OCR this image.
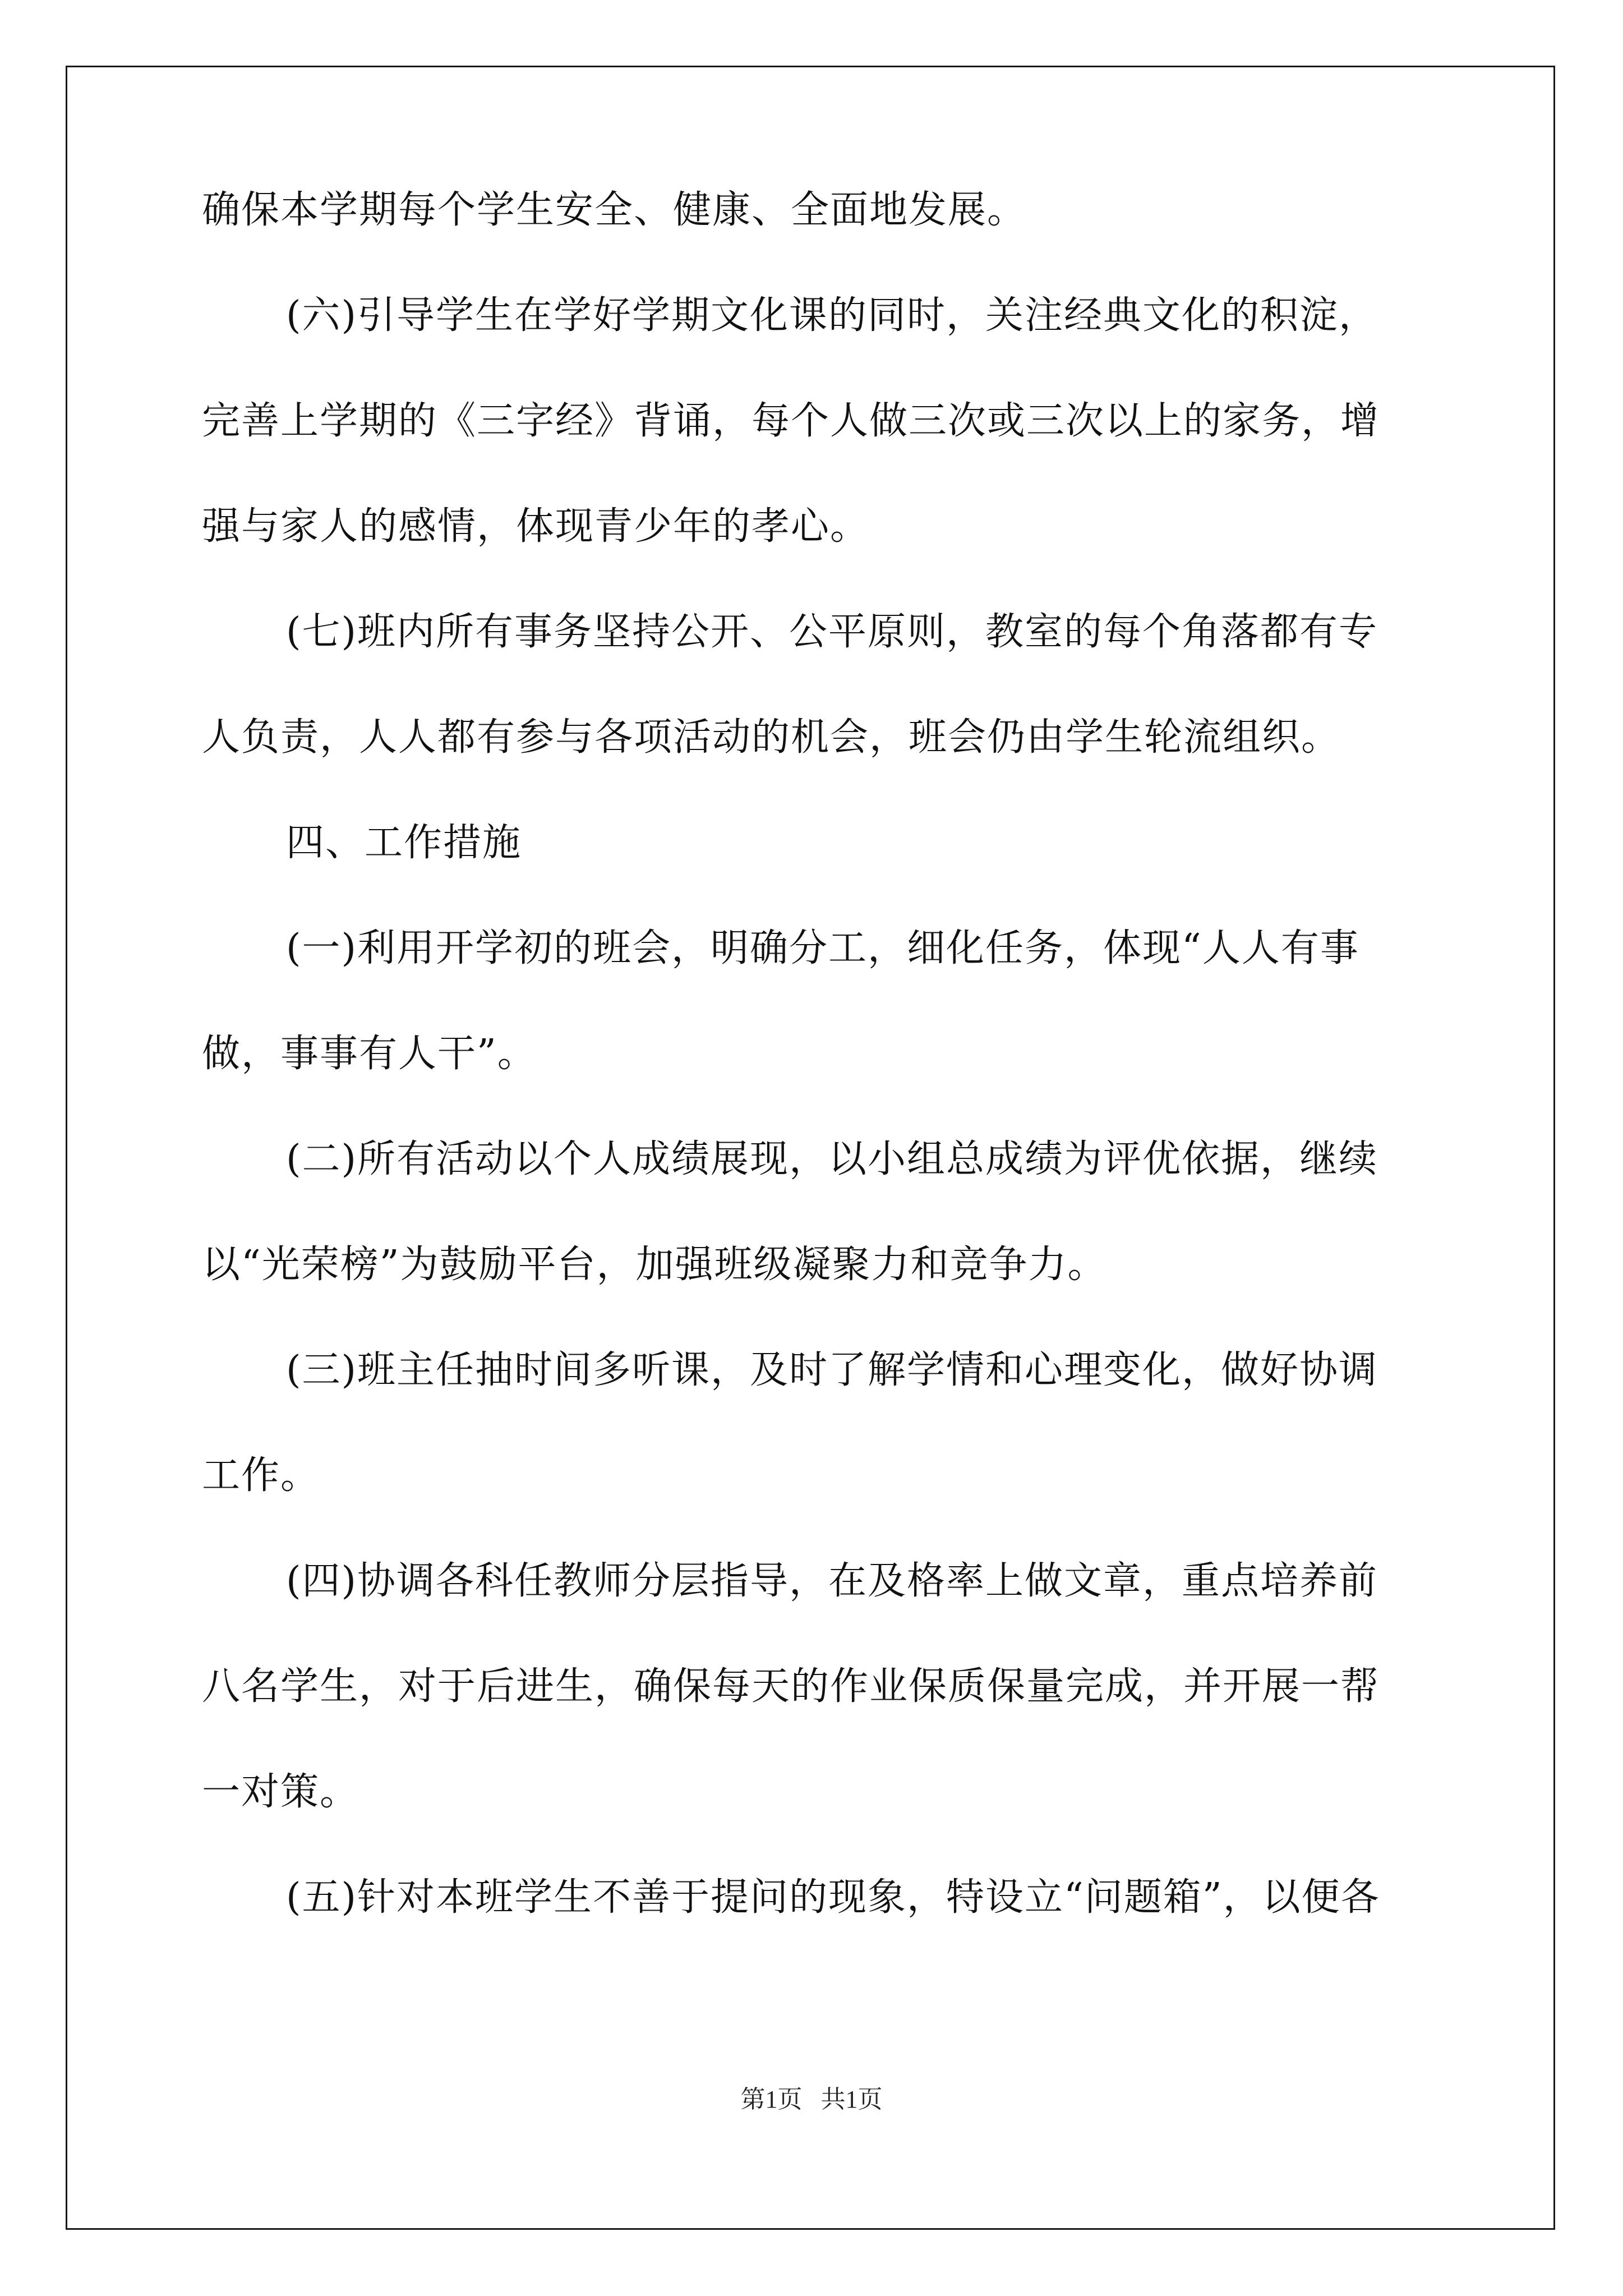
确保本学期每个学生安全、健康、全面地发展。
(六)引导学生在学好学期文化课的同时，关注经典文化的积淀，
完善上学期的《三字经》背诵，每个人做三次或三次以上的家务，增
强与家人的感情，体现青少年的孝心。
(七)班内所有事务坚持公开、公平原则，教室的每个角落都有专
人负责，人人都有参与各项活动的机会，班会仍由学生轮流组织。
四、工作措施
(一)利用开学初的班会，明确分工，细化任务，体现“人人有事
做，事事有人干”。
(二)所有活动以个人成绩展现，以小组总成绩为评优依据，继续
以“光荣榜”为鼓励平台，加强班级凝聚力和竞争力。
(三)班主任抽时间多听课，及时了解学情和心理变化，做好协调
工作。
(四)协调各科任教师分层指导，在及格率上做文章，重点培养前
八名学生，对于后进生，确保每天的作业保质保量完成，并开展一帮
一对策。
(五)针对本班学生不善于提问的现象，特设立“问题箱”，以便各
第1页   共1页
